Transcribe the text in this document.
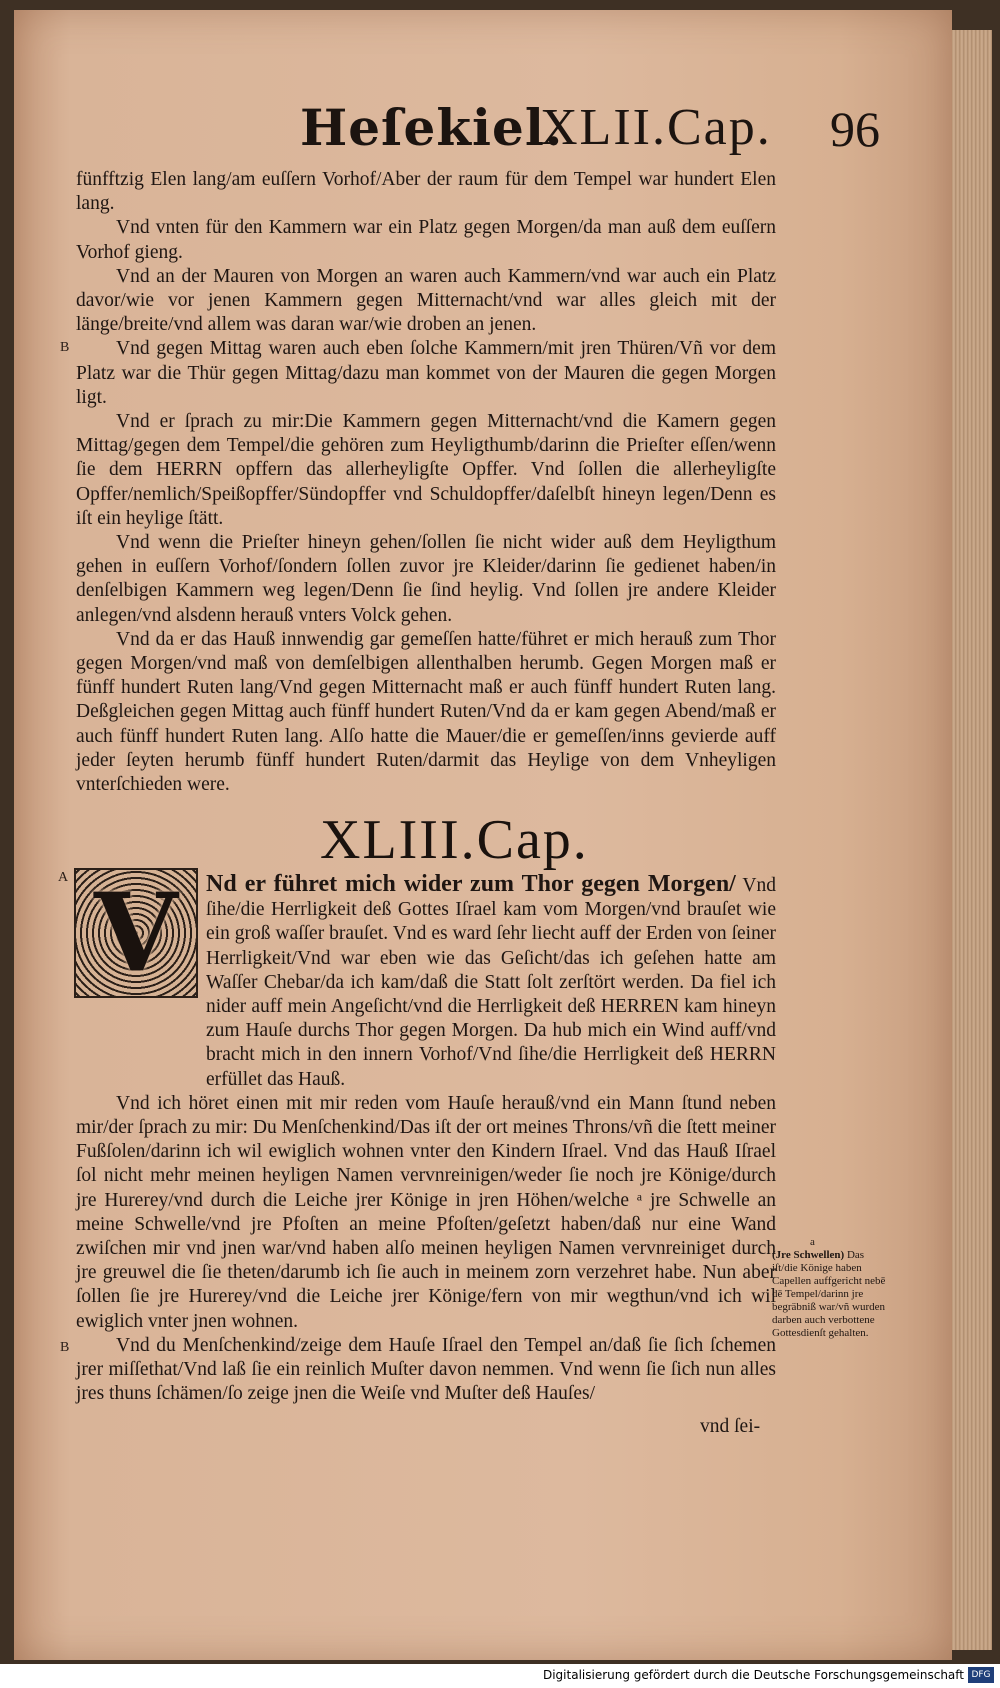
Heſekiel.
XLII.Cap. 96

fünfftzig Elen lang/am euſſern Vorhof/Aber der raum für dem Tempel war hundert Elen lang.

Vnd vnten für den Kammern war ein Platz gegen Morgen/da man auß dem euſſern Vorhof gieng.

Vnd an der Mauren von Morgen an waren auch Kammern/vnd war auch ein Platz davor/wie vor jenen Kammern gegen Mitternacht/vnd war alles gleich mit der länge/breite/vnd allem was daran war/wie droben an jenen.

Vnd gegen Mittag waren auch eben ſolche Kammern/mit jren Thüren/Vñ vor dem Platz war die Thür gegen Mittag/dazu man kommet von der Mauren die gegen Morgen ligt.

Vnd er ſprach zu mir:Die Kammern gegen Mitternacht/vnd die Kamern gegen Mittag/gegen dem Tempel/die gehören zum Heyligthumb/darinn die Prieſter eſſen/wenn ſie dem HERRN opffern das allerheyligſte Opffer. Vnd ſollen die allerheyligſte Opffer/nemlich/Speißopffer/Sündopffer vnd Schuldopffer/daſelbſt hineyn legen/Denn es iſt ein heylige ſtätt.

Vnd wenn die Prieſter hineyn gehen/ſollen ſie nicht wider auß dem Heyligthum gehen in euſſern Vorhof/ſondern ſollen zuvor jre Kleider/darinn ſie gedienet haben/in denſelbigen Kammern weg legen/Denn ſie ſind heylig. Vnd ſollen jre andere Kleider anlegen/vnd alsdenn herauß vnters Volck gehen.

Vnd da er das Hauß innwendig gar gemeſſen hatte/führet er mich herauß zum Thor gegen Morgen/vnd maß von demſelbigen allenthalben herumb. Gegen Morgen maß er fünff hundert Ruten lang/Vnd gegen Mitternacht maß er auch fünff hundert Ruten lang. Deßgleichen gegen Mittag auch fünff hundert Ruten/Vnd da er kam gegen Abend/maß er auch fünff hundert Ruten lang. Alſo hatte die Mauer/die er gemeſſen/inns gevierde auff jeder ſeyten herumb fünff hundert Ruten/darmit das Heylige von dem Vnheyligen vnterſchieden were.

B
XLIII.Cap.
A V	Nd er führet mich wider zum Thor gegen Morgen/ Vnd ſihe/die Herrligkeit deß Gottes Iſrael kam vom Morgen/vnd brauſet wie ein groß waſſer brauſet. Vnd es ward ſehr liecht auff der Erden von ſeiner Herrligkeit/Vnd war eben wie das Geſicht/das ich geſehen hatte am Waſſer Chebar/da ich kam/daß die Statt ſolt zerſtört werden. Da fiel ich nider auff mein Angeſicht/vnd die Herrligkeit deß HERREN kam hineyn zum Hauſe durchs Thor gegen Morgen. Da hub mich ein Wind auff/vnd bracht mich in den innern Vorhof/Vnd ſihe/die Herrligkeit deß HERRN erfüllet das Hauß.

Vnd ich höret einen mit mir reden vom Hauſe herauß/vnd ein Mann ſtund neben mir/der ſprach zu mir: Du Menſchenkind/Das iſt der ort meines Throns/vñ die ſtett meiner Fußſolen/darinn ich wil ewiglich wohnen vnter den Kindern Iſrael. Vnd das Hauß Iſrael ſol nicht mehr meinen heyligen Namen vervnreinigen/weder ſie noch jre Könige/durch jre Hurerey/vnd durch die Leiche jrer Könige in jren Höhen/welche ᵃ jre Schwelle an meine Schwelle/vnd jre Pfoſten an meine Pfoſten/geſetzt haben/daß nur eine Wand zwiſchen mir vnd jnen war/vnd haben alſo meinen heyligen Namen vervnreiniget durch jre greuwel die ſie theten/darumb ich ſie auch in meinem zorn verzehret habe. Nun aber ſollen ſie jre Hurerey/vnd die Leiche jrer Könige/fern von mir wegthun/vnd ich wil ewiglich vnter jnen wohnen.

Vnd du Menſchenkind/zeige dem Hauſe Iſrael den Tempel an/daß ſie ſich ſchemen jrer miſſethat/Vnd laß ſie ein reinlich Muſter davon nemmen. Vnd wenn ſie ſich nun alles jres thuns ſchämen/ſo zeige jnen die Weiſe vnd Muſter deß Hauſes/

B
vnd ſei-
a
(Jre Schwellen) Das iſt/die Könige haben Capellen auffgericht nebē dē Tempel/darinn jre begräbniß war/vñ wurden darben auch verbottene Gottesdienſt gehalten.
Digitalisierung gefördert durch die Deutsche Forschungsgemeinschaft DFG
